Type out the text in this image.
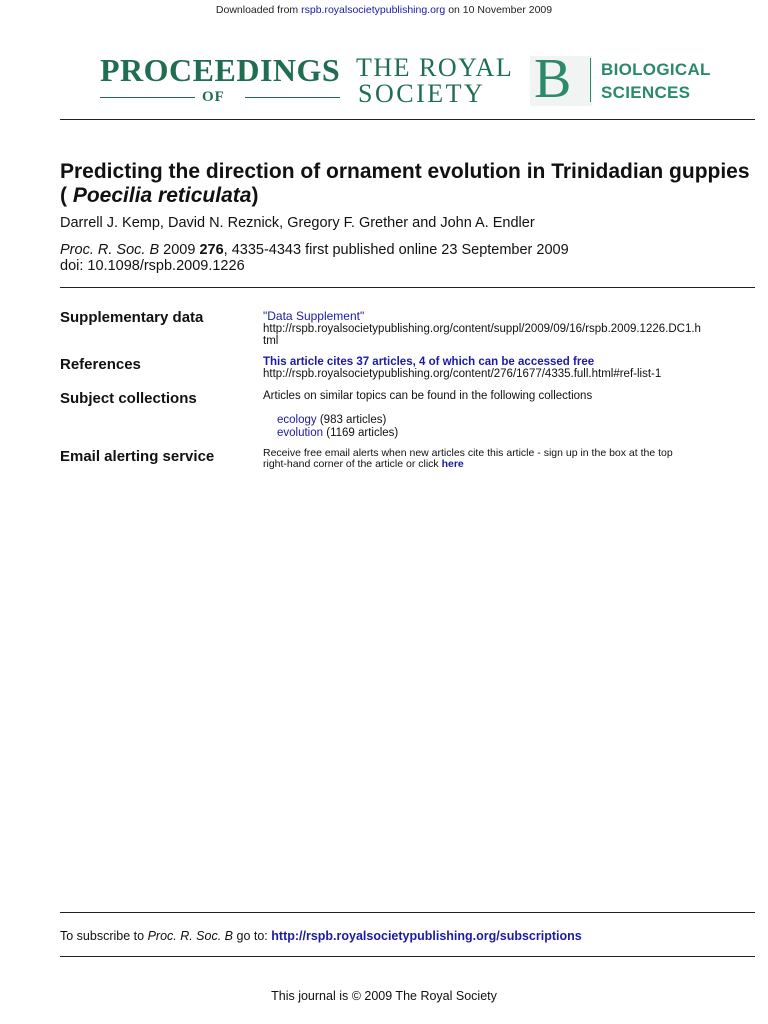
Downloaded from rspb.royalsocietypublishing.org on 10 November 2009
PROCEEDINGS
OF
THE ROYAL
SOCIETY B BIOLOGICAL
SCIENCES
Predicting the direction of ornament evolution in Trinidadian guppies ( Poecilia reticulata)
Darrell J. Kemp, David N. Reznick, Gregory F. Grether and John A. Endler
Proc. R. Soc. B 2009 276, 4335-4343 first published online 23 September 2009
doi: 10.1098/rspb.2009.1226
Supplementary data	"Data Supplement"
http://rspb.royalsocietypublishing.org/content/suppl/2009/09/16/rspb.2009.1226.DC1.h
tml
References	This article cites 37 articles, 4 of which can be accessed free
http://rspb.royalsocietypublishing.org/content/276/1677/4335.full.html#ref-list-1
Subject collections	Articles on similar topics can be found in the following collections
ecology (983 articles)
evolution (1169 articles)
Email alerting service	Receive free email alerts when new articles cite this article - sign up in the box at the top
right-hand corner of the article or click here
To subscribe to Proc. R. Soc. B go to: http://rspb.royalsocietypublishing.org/subscriptions
This journal is © 2009 The Royal Society
